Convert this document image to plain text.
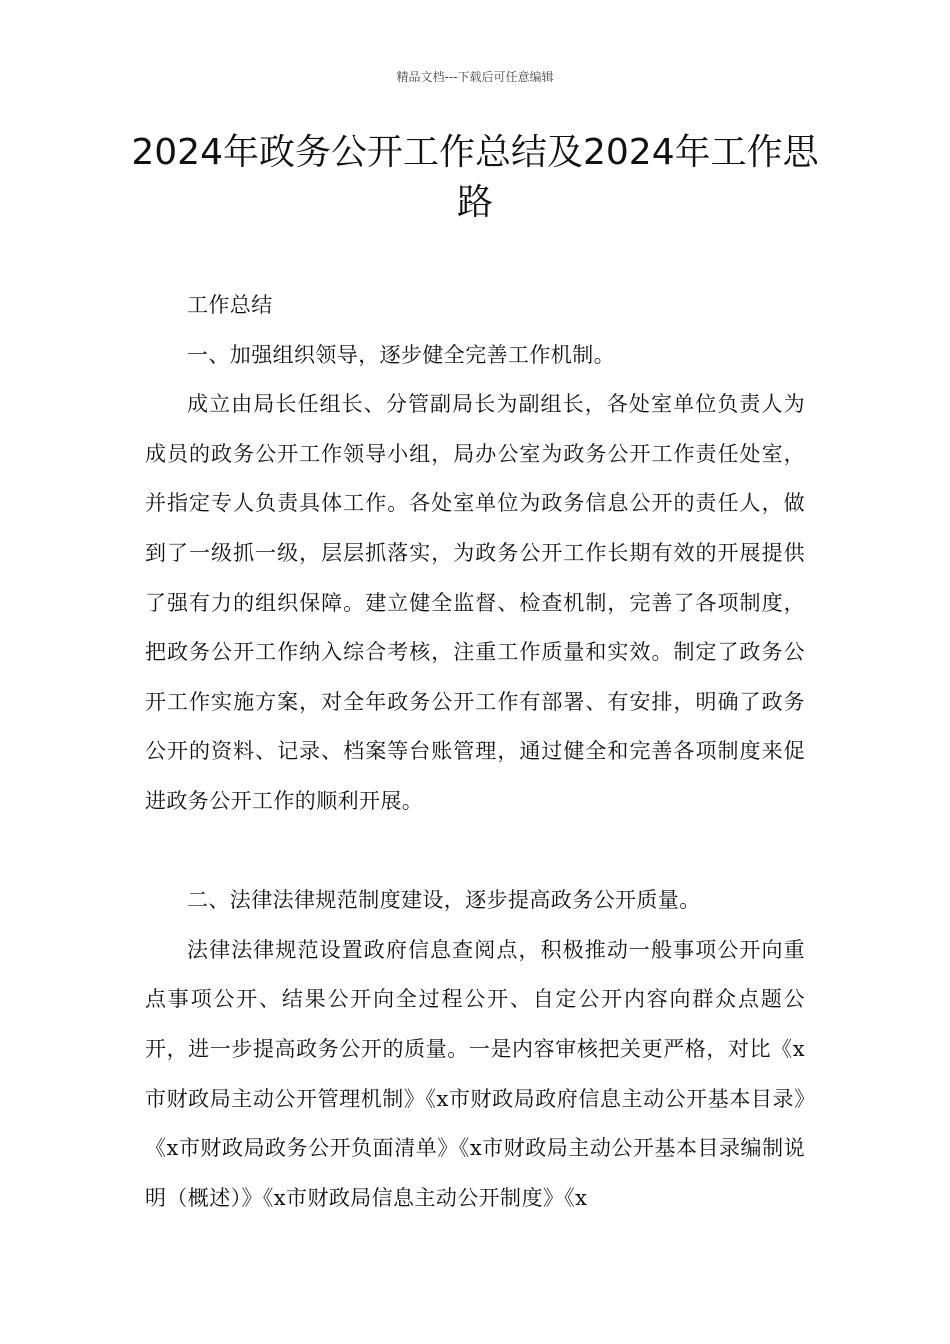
精品文档---下载后可任意编辑
2024年政务公开工作总结及2024年工作思路

工作总结

一、加强组织领导，逐步健全完善工作机制。

成立由局长任组长、分管副局长为副组长，各处室单位负责人为成员的政务公开工作领导小组，局办公室为政务公开工作责任处室，并指定专人负责具体工作。各处室单位为政务信息公开的责任人，做到了一级抓一级，层层抓落实，为政务公开工作长期有效的开展提供了强有力的组织保障。建立健全监督、检查机制，完善了各项制度，把政务公开工作纳入综合考核，注重工作质量和实效。制定了政务公开工作实施方案，对全年政务公开工作有部署、有安排，明确了政务公开的资料、记录、档案等台账管理，通过健全和完善各项制度来促进政务公开工作的顺利开展。

二、法律法律规范制度建设，逐步提高政务公开质量。

法律法律规范设置政府信息查阅点，积极推动一般事项公开向重点事项公开、结果公开向全过程公开、自定公开内容向群众点题公开，进一步提高政务公开的质量。一是内容审核把关更严格，对比《x市财政局主动公开管理机制》《x市财政局政府信息主动公开基本目录》《x市财政局政务公开负面清单》《x市财政局主动公开基本目录编制说明（概述）》《x市财政局信息主动公开制度》《x
